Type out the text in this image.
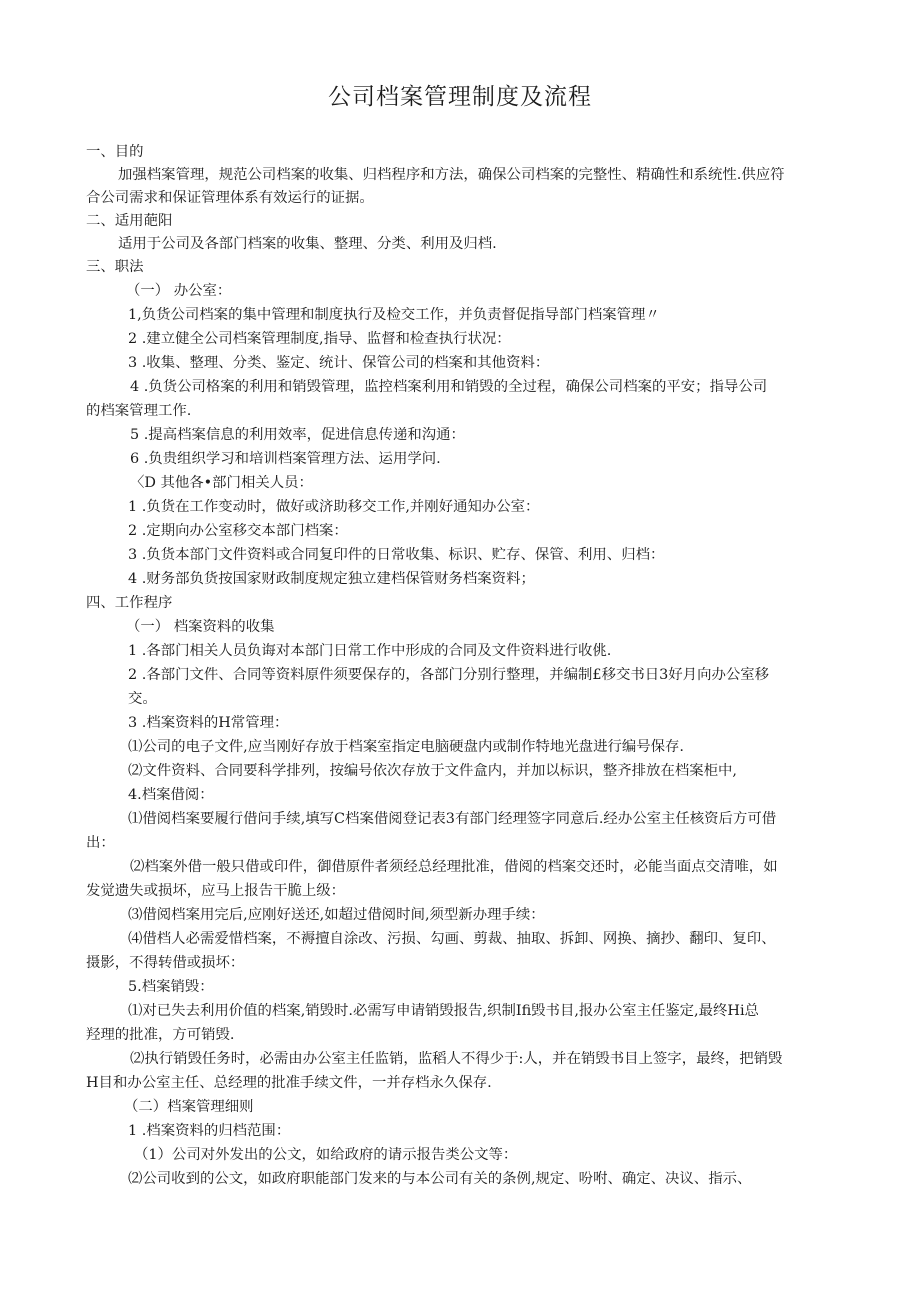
公司档案管理制度及流程
一、目的
加强档案管理，规范公司档案的收集、归档程序和方法，确保公司档案的完整性、精确性和系统性.供应符
合公司需求和保证管理体系有效运行的证据。
二、适用葩阳
适用于公司及各部门档案的收集、整理、分类、利用及归档.
三、职法
（一） 办公室：
1,负货公司档案的集中管理和制度执行及检交工作，并负责督促指导部门档案管理〃
2 .建立健全公司档案管理制度,指导、监督和检查执行状况：
3 .收集、整理、分类、鉴定、统计、保管公司的档案和其他资料：
4 .负货公司格案的利用和销毁管理，监控档案利用和销毁的全过程，确保公司档案的平安；指导公司
的档案管理工作.
5 .提高档案信息的利用效率，促进信息传递和沟通：
6 .负贵组织学习和培训档案管理方法、运用学问.
〈D 其他各•部门相关人员：
1 .负货在工作变动时，做好或济助移交工作,并刚好通知办公室：
2 .定期向办公室移交本部门档案：
3 .负货本部门文件资料或合同复印件的日常收集、标识、贮存、保管、利用、归档：
4 .财务部负货按国家财政制度规定独立建档保管财务档案资料；
四、工作程序
（一） 档案资料的收集
1 .各部门相关人员负诲对本部门日常工作中形成的合同及文件资料进行收佻.
2 .各部门文件、合同等资料原件须要保存的，各部门分别行整理，并编制£移交书日3好月向办公室移
交。
3 .档案资料的H常管理：
⑴公司的电子文件,应当刚好存放于档案室指定电脑硬盘内或制作特地光盘进行编号保存.
⑵文件资料、合同要科学排列，按编号依次存放于文件盒内，并加以标识，整齐排放在档案柜中,
4.档案借阅：
⑴借阅档案要履行借问手续,填写C档案借阅登记表3有部门经理签字同意后.经办公室主任核资后方可借
出：
⑵档案外借一般只借或印件，御借原件者须经总经理批准，借阅的档案交还时，必能当面点交清唯，如
发觉遗失或损坏，应马上报告干脆上级：
⑶借阅档案用完后,应刚好送还,如超过借阅时间,须型新办理手续：
⑷借档人必需爱惜档案，不褥擅自涂改、污损、勾画、剪裁、抽取、拆卸、网换、摘抄、翻印、复印、
摄影，不得转借或损坏：
5.档案销毁：
⑴对已失去利用价值的档案,销毁时.必需写申请销毁报告,织制Ifi毁书目,报办公室主任鉴定,最终Hi总
羟理的批准，方可销毁.
⑵执行销毁任务时，必需由办公室主任监销，监稻人不得少于:人，并在销毁书目上签字，最终，把销毁
H目和办公室主任、总经理的批准手续文件，一并存档永久保存.
（二）档案管理细则
1 .档案资料的归档范围：
（1）公司对外发出的公文，如给政府的请示报告类公文等：
⑵公司收到的公文，如政府职能部门发来的与本公司有关的条例,规定、吩咐、确定、决议、指示、
